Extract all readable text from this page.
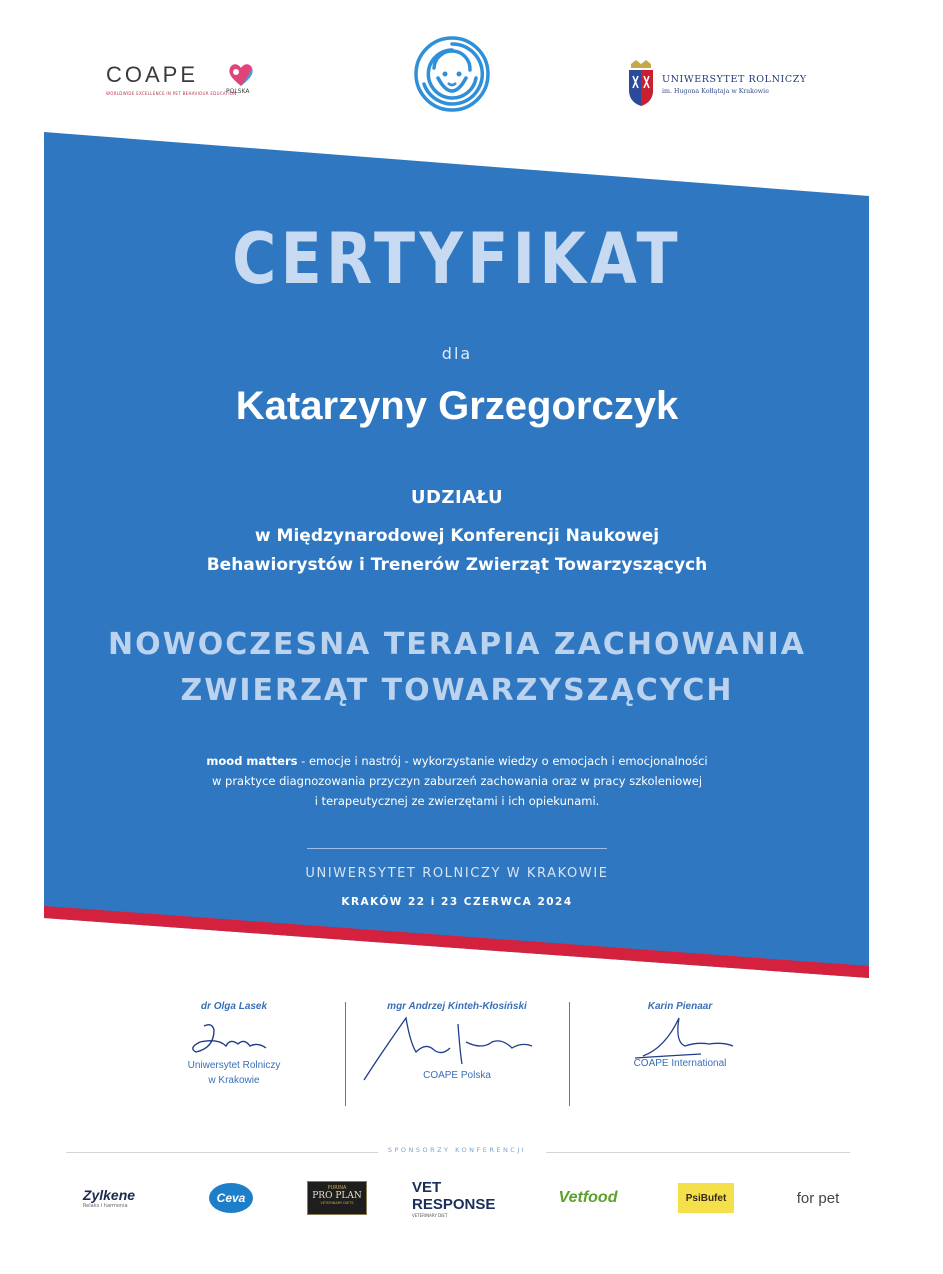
COAPE
WORLDWIDE EXCELLENCE IN PET BEHAVIOUR EDUCATION
POLSKA
UNIWERSYTET ROLNICZY
im. Hugona Kołłątaja w Krakowie
CERTYFIKAT
dla
Katarzyny Grzegorczyk
UDZIAŁU
w Międzynarodowej Konferencji Naukowej
Behawiorystów i Trenerów Zwierząt Towarzyszących
NOWOCZESNA TERAPIA ZACHOWANIA
ZWIERZĄT TOWARZYSZĄCYCH
mood matters - emocje i nastrój - wykorzystanie wiedzy o emocjach i emocjonalności
w praktyce diagnozowania przyczyn zaburzeń zachowania oraz w pracy szkoleniowej
i terapeutycznej ze zwierzętami i ich opiekunami.
UNIWERSYTET ROLNICZY W KRAKOWIE
KRAKÓW 22 i 23 CZERWCA 2024
dr Olga Lasek
Uniwersytet Rolniczy
w Krakowie
mgr Andrzej Kinteh-Kłosiński
COAPE Polska
Karin Pienaar
COAPE International
SPONSORZY KONFERENCJI
Zylkene
Relaks i harmonia
Ceva
PURINA
PRO PLAN
VETERINARY DIETS
VET RESPONSE
VETERINARY DIET
Vetfood	PsiBufet	for pet
